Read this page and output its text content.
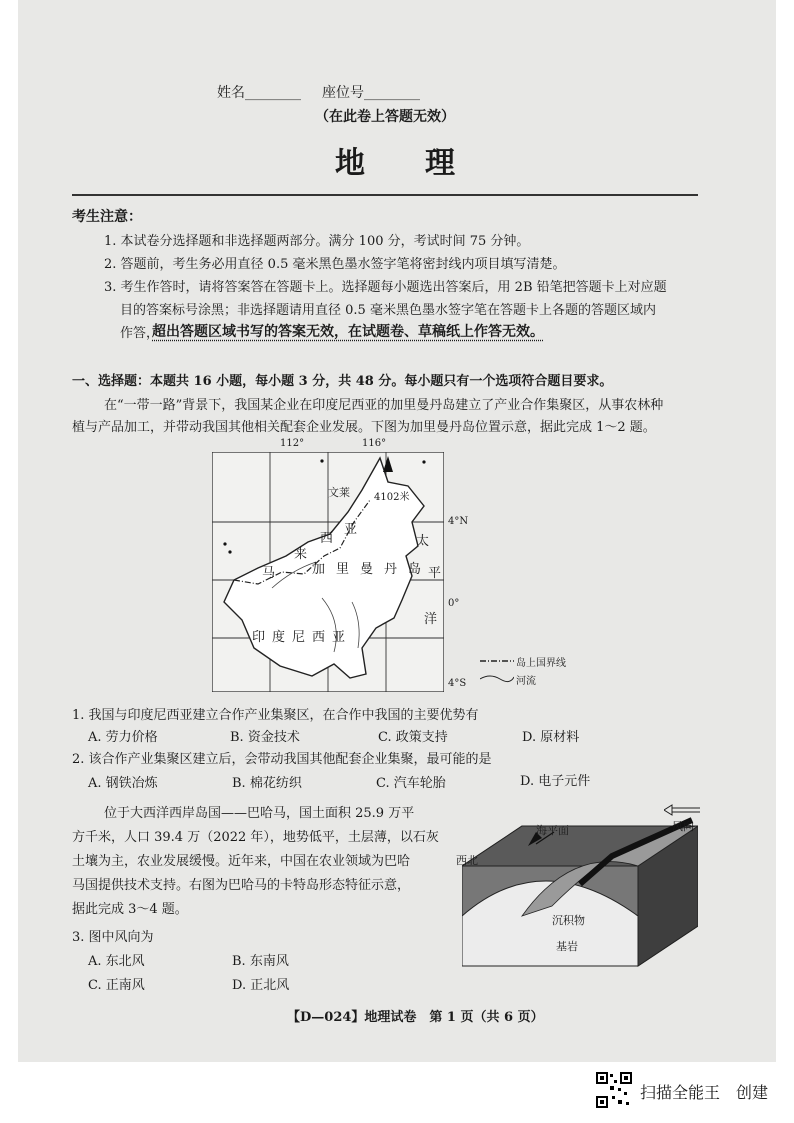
姓名________ 座位号________
（在此卷上答题无效）
地　　理
考生注意：
1. 本试卷分选择题和非选择题两部分。满分 100 分，考试时间 75 分钟。
2. 答题前，考生务必用直径 0.5 毫米黑色墨水签字笔将密封线内项目填写清楚。
3. 考生作答时，请将答案答在答题卡上。选择题每小题选出答案后，用 2B 铅笔把答题卡上对应题
目的答案标号涂黑；非选择题请用直径 0.5 毫米黑色墨水签字笔在答题卡上各题的答题区域内
作答，
超出答题区域书写的答案无效，在试题卷、草稿纸上作答无效。
一、选择题：本题共 16 小题，每小题 3 分，共 48 分。每小题只有一个选项符合题目要求。
在“一带一路”背景下，我国某企业在印度尼西亚的加里曼丹岛建立了产业合作集聚区，从事农林种
植与产品加工，并带动我国其他相关配套企业发展。下图为加里曼丹岛位置示意，据此完成 1～2 题。
112°	116°
4°N
0°
4°S
文莱 4102米
马
来
西
亚
加 里 曼 丹 岛
太
平
洋
印 度 尼 西 亚
岛上国界线
河流
1. 我国与印度尼西亚建立合作产业集聚区，在合作中我国的主要优势有
A. 劳力价格	B. 资金技术	C. 政策支持	D. 原材料
2. 该合作产业集聚区建立后，会带动我国其他配套企业集聚，最可能的是
A. 钢铁冶炼	B. 棉花纺织	C. 汽车轮胎	D. 电子元件
位于大西洋西岸岛国——巴哈马，国土面积 25.9 万平
方千米，人口 39.4 万（2022 年），地势低平，土层薄，以石灰
土壤为主，农业发展缓慢。近年来，中国在农业领域为巴哈
马国提供技术支持。右图为巴哈马的卡特岛形态特征示意，
据此完成 3～4 题。
3. 图中风向为
A. 东北风	B. 东南风
C. 正南风	D. 正北风
风向
海平面
西北
沉积物
基岩
【D—024】地理试卷　第 1 页（共 6 页）
扫描全能王　创建
